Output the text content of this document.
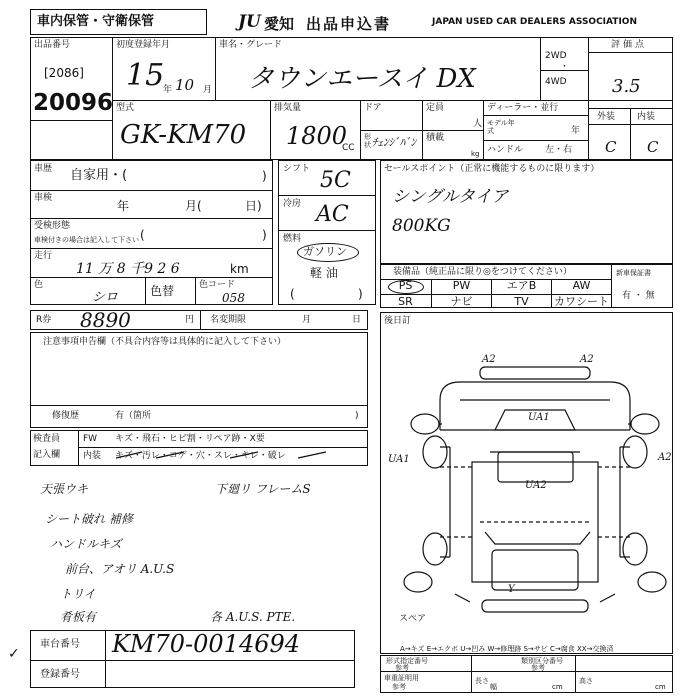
車内保管・守衛保管	JU 愛知 出品申込書	JAPAN USED CAR DEALERS ASSOCIATION
出品番号
[2086]
20096
初度登録年月
15
年 10 月
車名・グレード
タウンエースイ DX
2WD
・
4WD
評価点
3.5
型式
GK-KM70
排気量
1800
CC
ドア
形状 ﾁｪﾝｼﾞﾊﾞﾝ
定員
人
積載
kg
ディーラー・並行
モデル年式	年
ハンドル 左・右
外装 内装
C C
車歴 自家用・(	)
車検
年	月(	日)
受検形態
車検付きの場合は記入して下さい (	)
走行
11 万 8 千9 2 6	km
色
シロ	色替	色コード
058
シフト 5C
冷房 AC
燃料
ガソリン
軽 油
(	)
セールスポイント（正常に機能するものに限ります）
シングルタイア
800KG
装備品（純正品に限り◎をつけてください）
PS	PW	エアB	AW
SR	ナビ	TV	カワシート
新車保証書
有 ・ 無
R券 8890	円 名変期限	月	日
注意事項申告欄（不具合内容等は具体的に記入して下さい）
修復歴	有（箇所	)
検査員
記入欄
FW キズ・飛石・ヒビ割・リペア跡・X要
内装 キズ・汚レ・コゲ・穴・スレ・キレ・破レ
天張ウキ	下廻リ フレームS
シート破れ 補修
ハンドルキズ
前台、アオリ A.U.S
トリイ
肴板有	各 A.U.S. PTE.
車台番号 KM70-0014694
登録番号
✓
後日訂
A2	A2
UA1
UA1	A2
UA2
Y
スペア
A→キズ E→エクボ U→凹み W→修理跡 S→サビ C→腐食 XX→交換済
形式指定番号
参考
類別区分番号
参考
車重証明用
参考
長さ
cm
幅	cm
高さ
